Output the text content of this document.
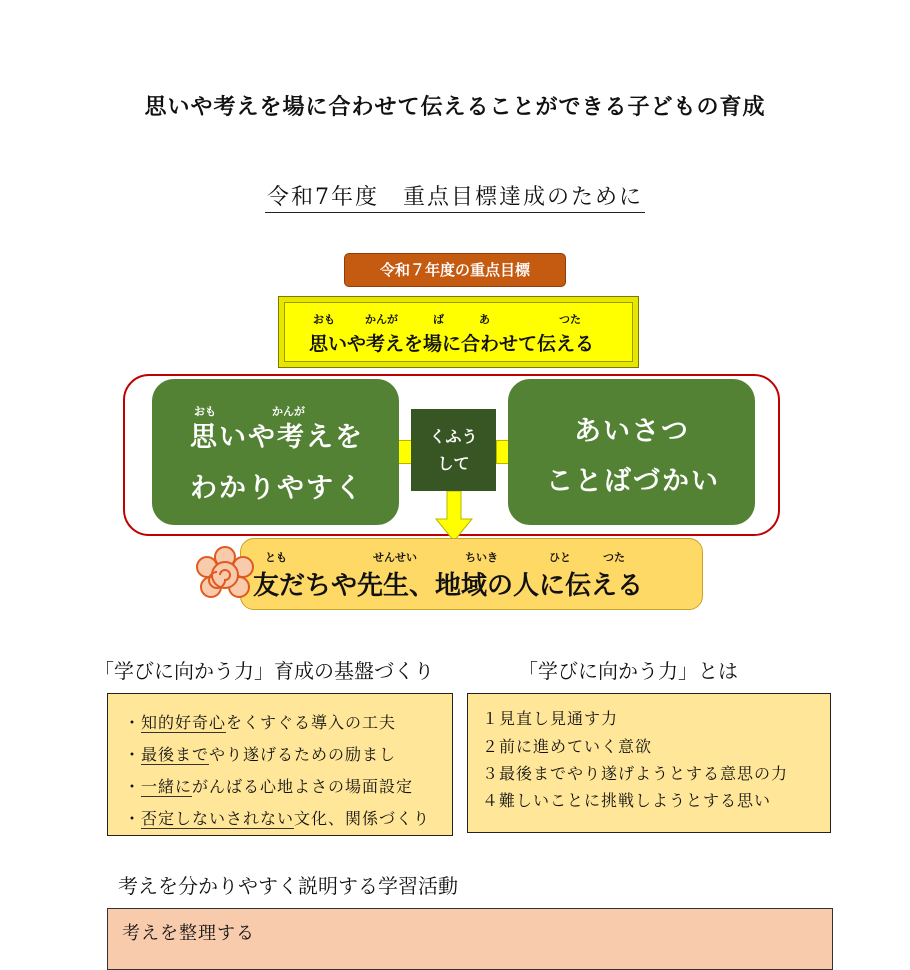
思いや考えを場に合わせて伝えることができる子どもの育成
令和7年度　重点目標達成のために
令和７年度の重点目標
おも	かんが	ば	あ	つた
思いや考えを場に合わせて伝える
おも	かんが
思いや考えを
わかりやすく
くふう
して
あいさつ
ことばづかい
とも	せんせい	ちいき	ひと	つた
友だちや先生、地域の人に伝える
「学びに向かう力」育成の基盤づくり	「学びに向かう力」とは
・知的好奇心をくすぐる導入の工夫
・最後までやり遂げるための励まし
・一緒にがんばる心地よさの場面設定
・否定しないされない文化、関係づくり
１見直し見通す力
２前に進めていく意欲
３最後までやり遂げようとする意思の力
４難しいことに挑戦しようとする思い
考えを分かりやすく説明する学習活動
考えを整理する
